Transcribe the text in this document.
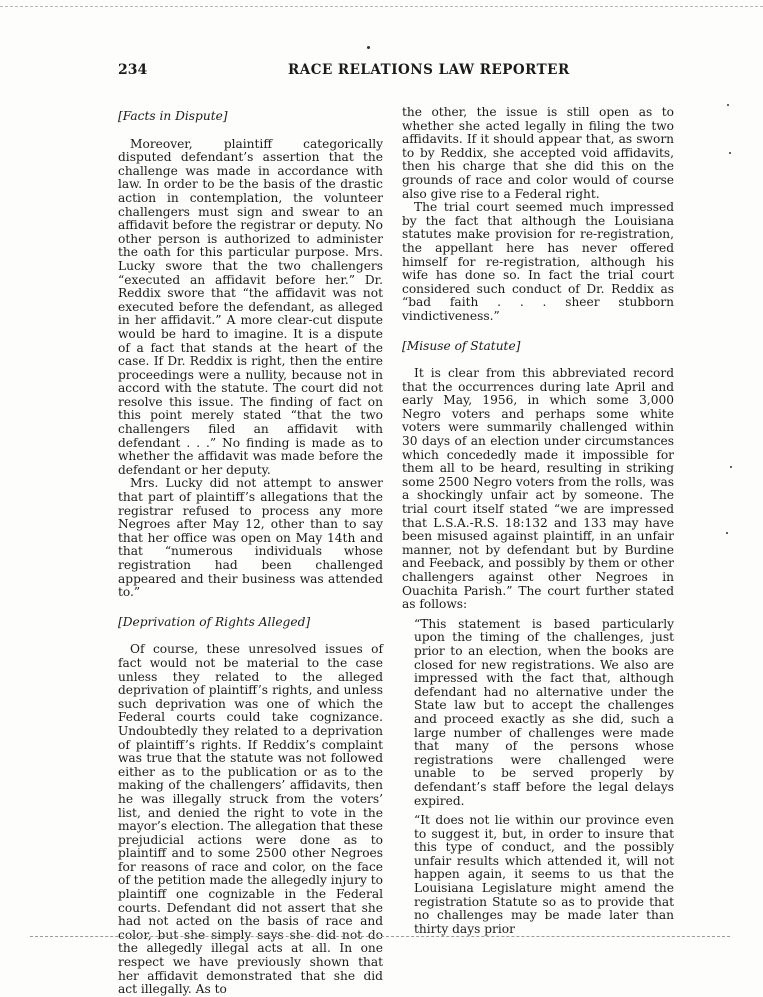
234	RACE RELATIONS LAW REPORTER

[Facts in Dispute]

Moreover, plaintiff categorically disputed defendant’s assertion that the challenge was made in accordance with law. In order to be the basis of the drastic action in contemplation, the volunteer challengers must sign and swear to an affidavit before the registrar or deputy. No other person is authorized to administer the oath for this particular purpose. Mrs. Lucky swore that the two challengers “executed an affidavit before her.” Dr. Reddix swore that “the affidavit was not executed before the defendant, as alleged in her affidavit.” A more clear-cut dispute would be hard to imagine. It is a dispute of a fact that stands at the heart of the case. If Dr. Reddix is right, then the entire proceedings were a nullity, because not in accord with the statute. The court did not resolve this issue. The finding of fact on this point merely stated “that the two challengers filed an affidavit with defendant . . .” No finding is made as to whether the affidavit was made before the defendant or her deputy.

Mrs. Lucky did not attempt to answer that part of plaintiff’s allegations that the registrar refused to process any more Negroes after May 12, other than to say that her office was open on May 14th and that “numerous individuals whose registration had been challenged appeared and their business was attended to.”

[Deprivation of Rights Alleged]

Of course, these unresolved issues of fact would not be material to the case unless they related to the alleged deprivation of plaintiff’s rights, and unless such deprivation was one of which the Federal courts could take cognizance. Undoubtedly they related to a deprivation of plaintiff’s rights. If Reddix’s complaint was true that the statute was not followed either as to the publication or as to the making of the challengers’ affidavits, then he was illegally struck from the voters’ list, and denied the right to vote in the mayor’s election. The allegation that these prejudicial actions were done as to plaintiff and to some 2500 other Negroes for reasons of race and color, on the face of the petition made the allegedly injury to plaintiff one cognizable in the Federal courts. Defendant did not assert that she had not acted on the basis of race and color, but she simply says she did not do the allegedly illegal acts at all. In one respect we have previously shown that her affidavit demonstrated that she did act illegally. As to

the other, the issue is still open as to whether she acted legally in filing the two affidavits. If it should appear that, as sworn to by Reddix, she accepted void affidavits, then his charge that she did this on the grounds of race and color would of course also give rise to a Federal right.

The trial court seemed much impressed by the fact that although the Louisiana statutes make provision for re-registration, the appellant here has never offered himself for re-registration, although his wife has done so. In fact the trial court considered such conduct of Dr. Reddix as “bad faith . . . sheer stubborn vindictiveness.”

[Misuse of Statute]

It is clear from this abbreviated record that the occurrences during late April and early May, 1956, in which some 3,000 Negro voters and perhaps some white voters were summarily challenged within 30 days of an election under circumstances which concededly made it impossible for them all to be heard, resulting in striking some 2500 Negro voters from the rolls, was a shockingly unfair act by someone. The trial court itself stated “we are impressed that L.S.A.-R.S. 18:132 and 133 may have been misused against plaintiff, in an unfair manner, not by defendant but by Burdine and Feeback, and possibly by them or other challengers against other Negroes in Ouachita Parish.” The court further stated as follows:

“This statement is based particularly upon the timing of the challenges, just prior to an election, when the books are closed for new registrations. We also are impressed with the fact that, although defendant had no alternative under the State law but to accept the challenges and proceed exactly as she did, such a large number of challenges were made that many of the persons whose registrations were challenged were unable to be served properly by defendant’s staff before the legal delays expired.

“It does not lie within our province even to suggest it, but, in order to insure that this type of conduct, and the possibly unfair results which attended it, will not happen again, it seems to us that the Louisiana Legislature might amend the registration Statute so as to provide that no challenges may be made later than thirty days prior
